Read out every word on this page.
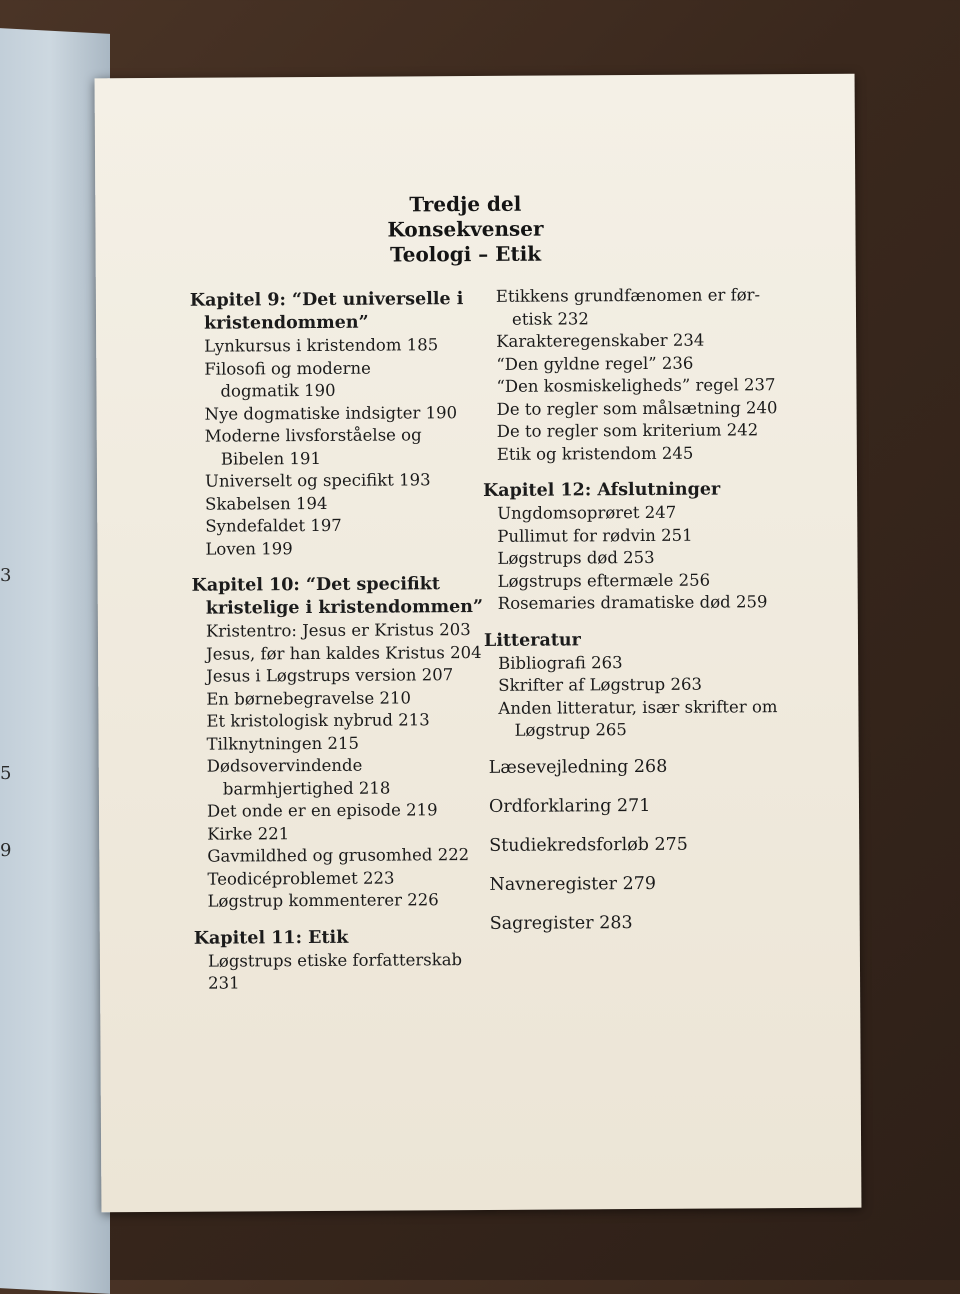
3
5
9
Tredje del
Konsekvenser
Teologi – Etik
Kapitel 9: “Det universelle i
kristendommen”
Lynkursus i kristendom 185
Filosofi og moderne
dogmatik 190
Nye dogmatiske indsigter 190
Moderne livsforståelse og
Bibelen 191
Universelt og specifikt 193
Skabelsen 194
Syndefaldet 197
Loven 199
Kapitel 10: “Det specifikt
kristelige i kristendommen”
Kristentro: Jesus er Kristus 203
Jesus, før han kaldes Kristus 204
Jesus i Løgstrups version 207
En børnebegravelse 210
Et kristologisk nybrud 213
Tilknytningen 215
Dødsovervindende
barmhjertighed 218
Det onde er en episode 219
Kirke 221
Gavmildhed og grusomhed 222
Teodicéproblemet 223
Løgstrup kommenterer 226
Kapitel 11: Etik
Løgstrups etiske forfatterskab 231
Etikkens grundfænomen er før-
etisk 232
Karakteregenskaber 234
“Den gyldne regel” 236
“Den kosmiskeligheds” regel 237
De to regler som målsætning 240
De to regler som kriterium 242
Etik og kristendom 245
Kapitel 12: Afslutninger
Ungdomsoprøret 247
Pullimut for rødvin 251
Løgstrups død 253
Løgstrups eftermæle 256
Rosemaries dramatiske død 259
Litteratur
Bibliografi 263
Skrifter af Løgstrup 263
Anden litteratur, især skrifter om
Løgstrup 265
Læsevejledning 268
Ordforklaring 271
Studiekredsforløb 275
Navneregister 279
Sagregister 283
